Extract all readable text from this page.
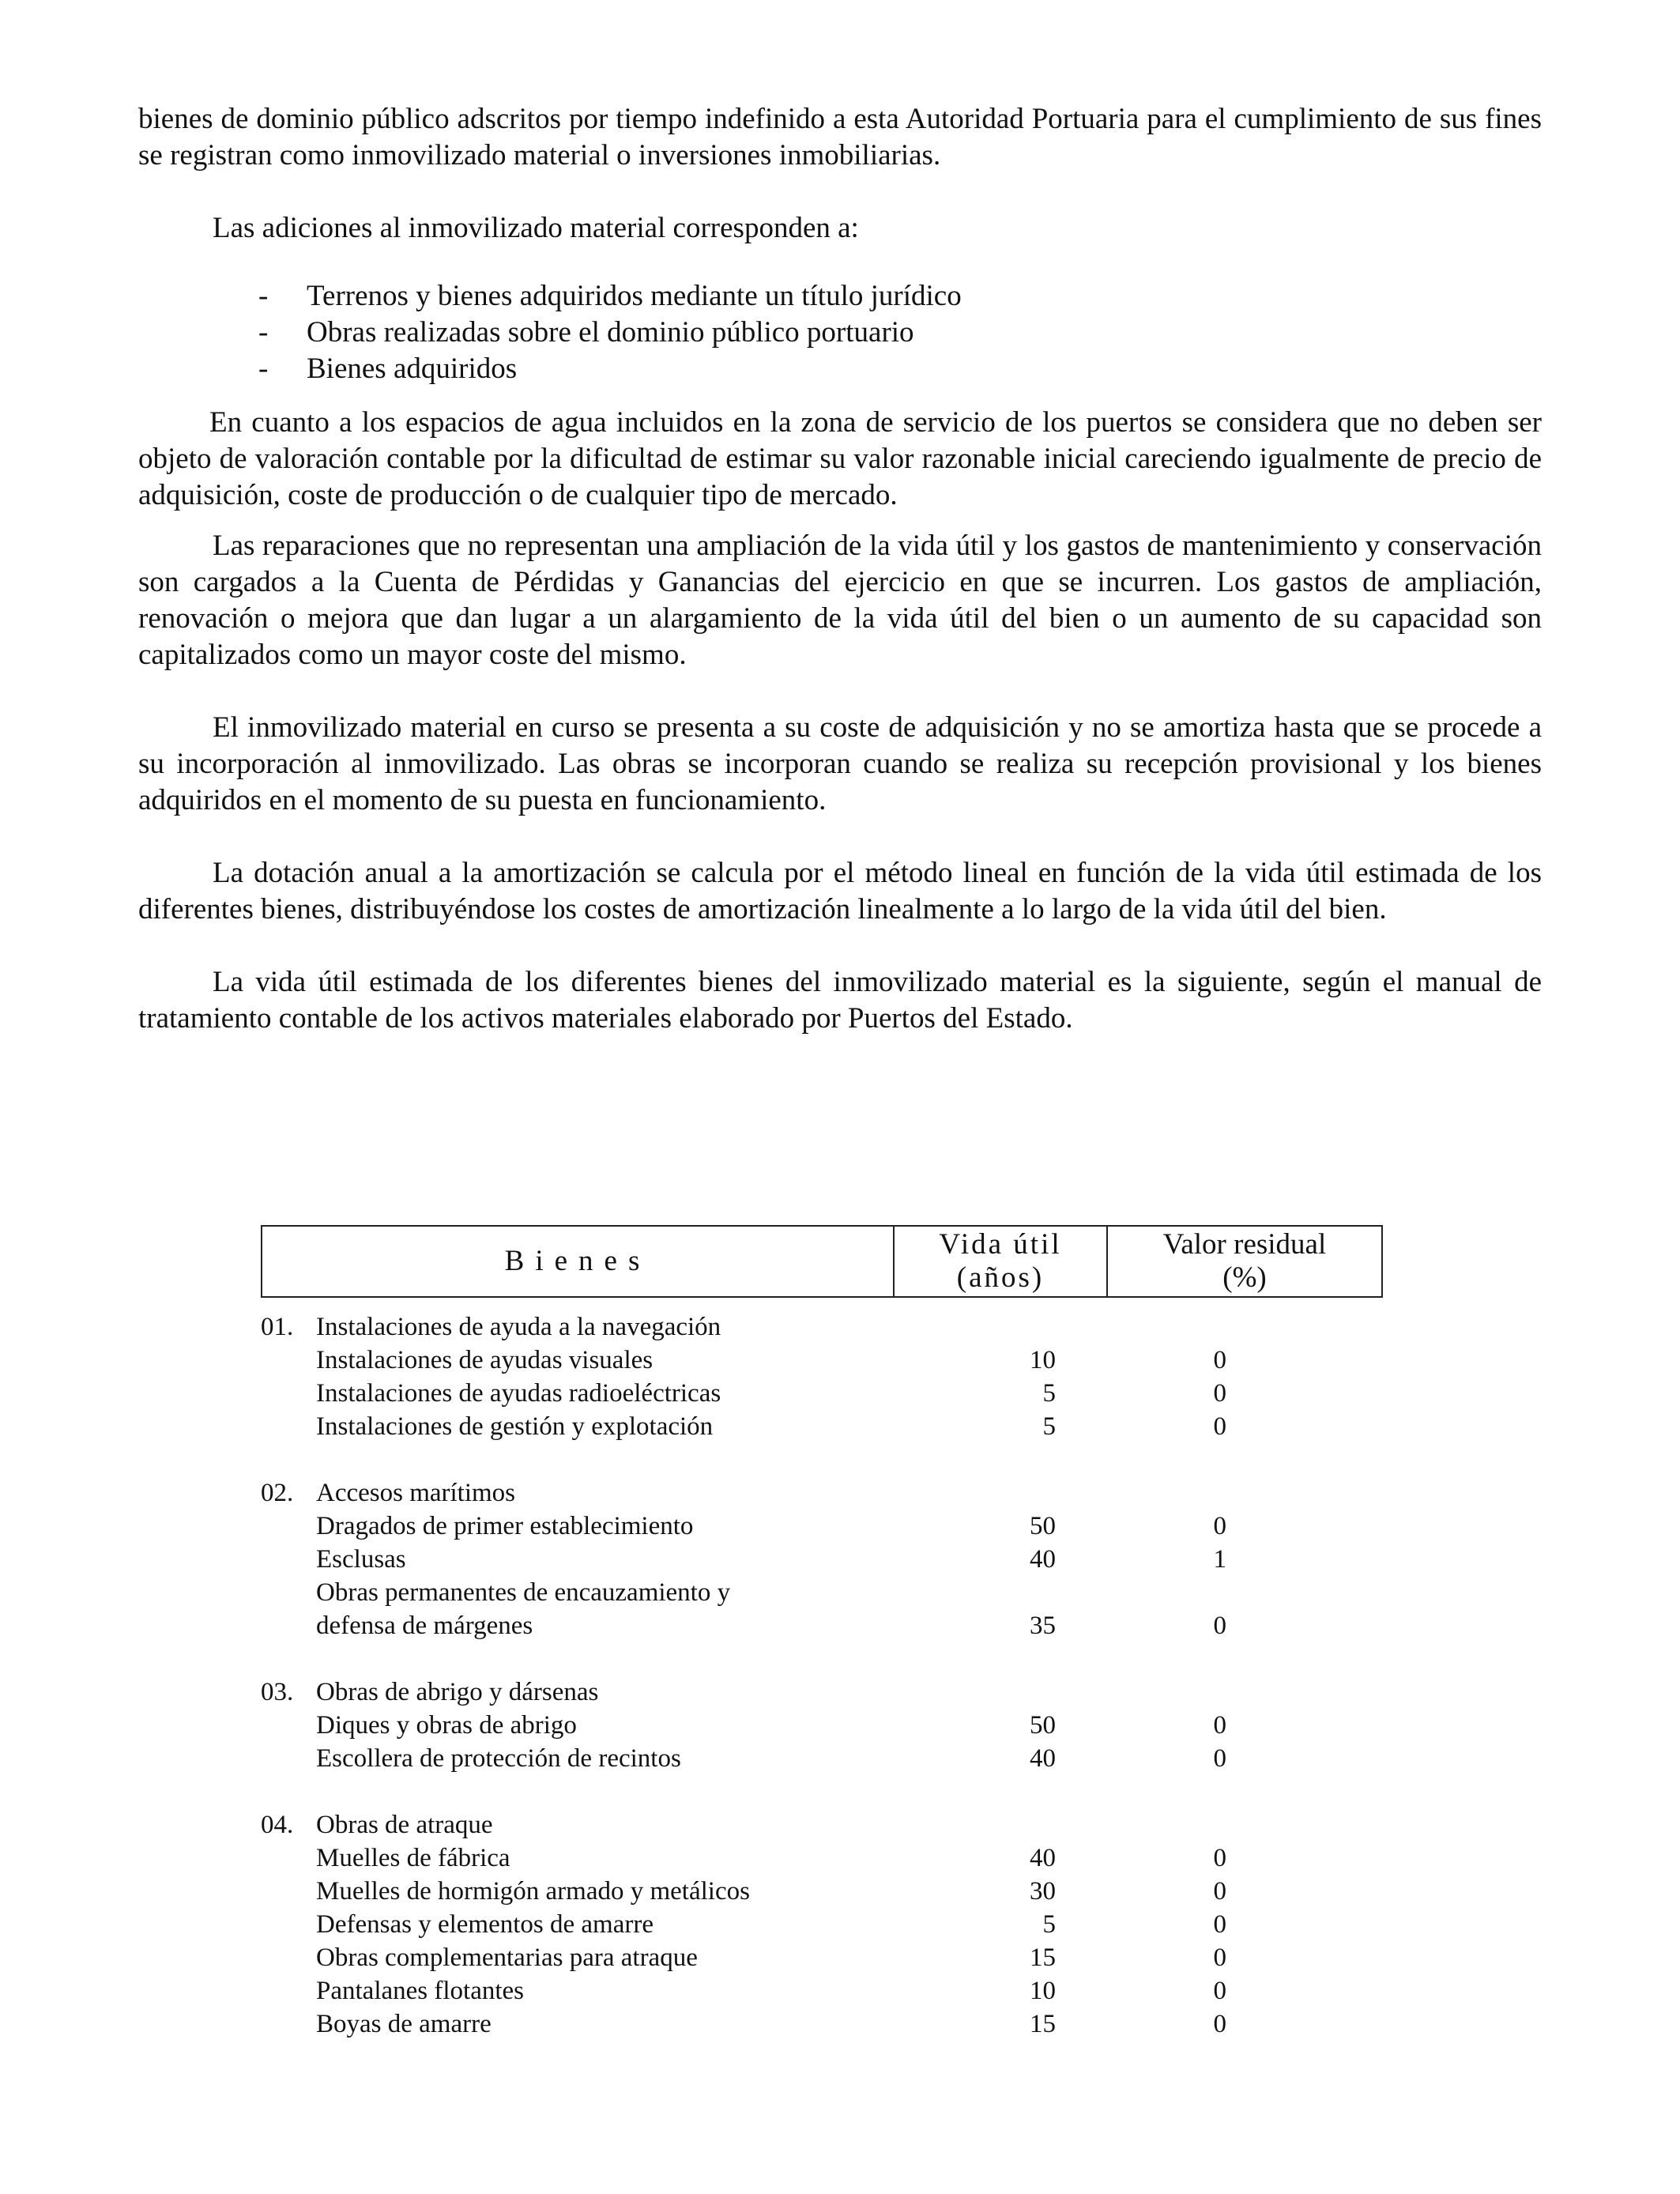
bienes de dominio público adscritos por tiempo indefinido a esta Autoridad Portuaria para el cumplimiento de sus fines se registran como inmovilizado material o inversiones inmobiliarias.

Las adiciones al inmovilizado material corresponden a:

- Terrenos y bienes adquiridos mediante un título jurídico
- Obras realizadas sobre el dominio público portuario
- Bienes adquiridos

En cuanto a los espacios de agua incluidos en la zona de servicio de los puertos se considera que no deben ser objeto de valoración contable por la dificultad de estimar su valor razonable inicial careciendo igualmente de precio de adquisición, coste de producción o de cualquier tipo de mercado.

Las reparaciones que no representan una ampliación de la vida útil y los gastos de mantenimiento y conservación son cargados a la Cuenta de Pérdidas y Ganancias del ejercicio en que se incurren. Los gastos de ampliación, renovación o mejora que dan lugar a un alargamiento de la vida útil del bien o un aumento de su capacidad son capitalizados como un mayor coste del mismo.

El inmovilizado material en curso se presenta a su coste de adquisición y no se amortiza hasta que se procede a su incorporación al inmovilizado. Las obras se incorporan cuando se realiza su recepción provisional y los bienes adquiridos en el momento de su puesta en funcionamiento.

La dotación anual a la amortización se calcula por el método lineal en función de la vida útil estimada de los diferentes bienes, distribuyéndose los costes de amortización linealmente a lo largo de la vida útil del bien.

La vida útil estimada de los diferentes bienes del inmovilizado material es la siguiente, según el manual de tratamiento contable de los activos materiales elaborado por Puertos del Estado.

Bienes
Vida útil
(años)
Valor residual
(%)
01. Instalaciones de ayuda a la navegación
Instalaciones de ayudas visuales	10	0
Instalaciones de ayudas radioeléctricas	5	0
Instalaciones de gestión y explotación	5	0
02. Accesos marítimos
Dragados de primer establecimiento	50	0
Esclusas	40	1
Obras permanentes de encauzamiento y
defensa de márgenes	35	0
03. Obras de abrigo y dársenas
Diques y obras de abrigo	50	0
Escollera de protección de recintos	40	0
04. Obras de atraque
Muelles de fábrica	40	0
Muelles de hormigón armado y metálicos	30	0
Defensas y elementos de amarre	5	0
Obras complementarias para atraque	15	0
Pantalanes flotantes	10	0
Boyas de amarre	15	0
